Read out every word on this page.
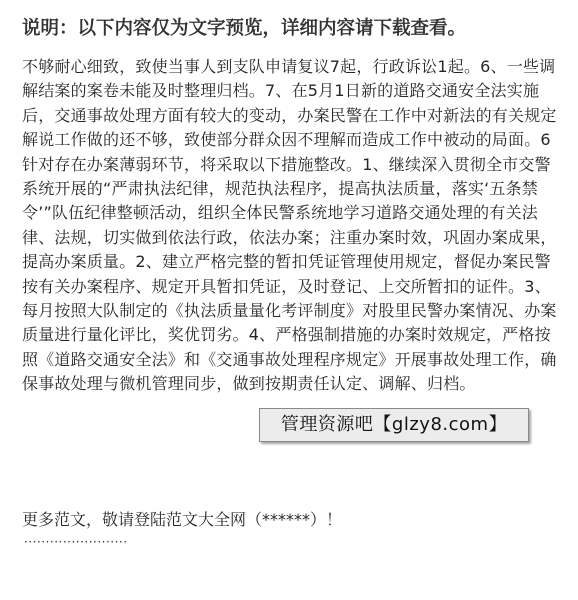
说明：以下内容仅为文字预览，详细内容请下载查看。
不够耐心细致，致使当事人到支队申请复议7起，行政诉讼1起。6、一些调解结案的案卷未能及时整理归档。7、在5月1日新的道路交通安全法实施后，交通事故处理方面有较大的变动，办案民警在工作中对新法的有关规定解说工作做的还不够，致使部分群众因不理解而造成工作中被动的局面。6 针对存在办案薄弱环节，将采取以下措施整改。1、继续深入贯彻全市交警系统开展的“严肃执法纪律，规范执法程序，提高执法质量，落实‘五条禁令’”队伍纪律整顿活动，组织全体民警系统地学习道路交通处理的有关法律、法规，切实做到依法行政，依法办案；注重办案时效，巩固办案成果，提高办案质量。2、建立严格完整的暂扣凭证管理使用规定，督促办案民警按有关办案程序、规定开具暂扣凭证，及时登记、上交所暂扣的证件。3、每月按照大队制定的《执法质量量化考评制度》对股里民警办案情况、办案质量进行量化评比，奖优罚劣。4、严格强制措施的办案时效规定，严格按照《道路交通安全法》和《交通事故处理程序规定》开展事故处理工作，确保事故处理与微机管理同步，做到按期责任认定、调解、归档。
更多范文，敬请登陆范文大全网（******）！
························
管理资源吧【glzy8.com】
